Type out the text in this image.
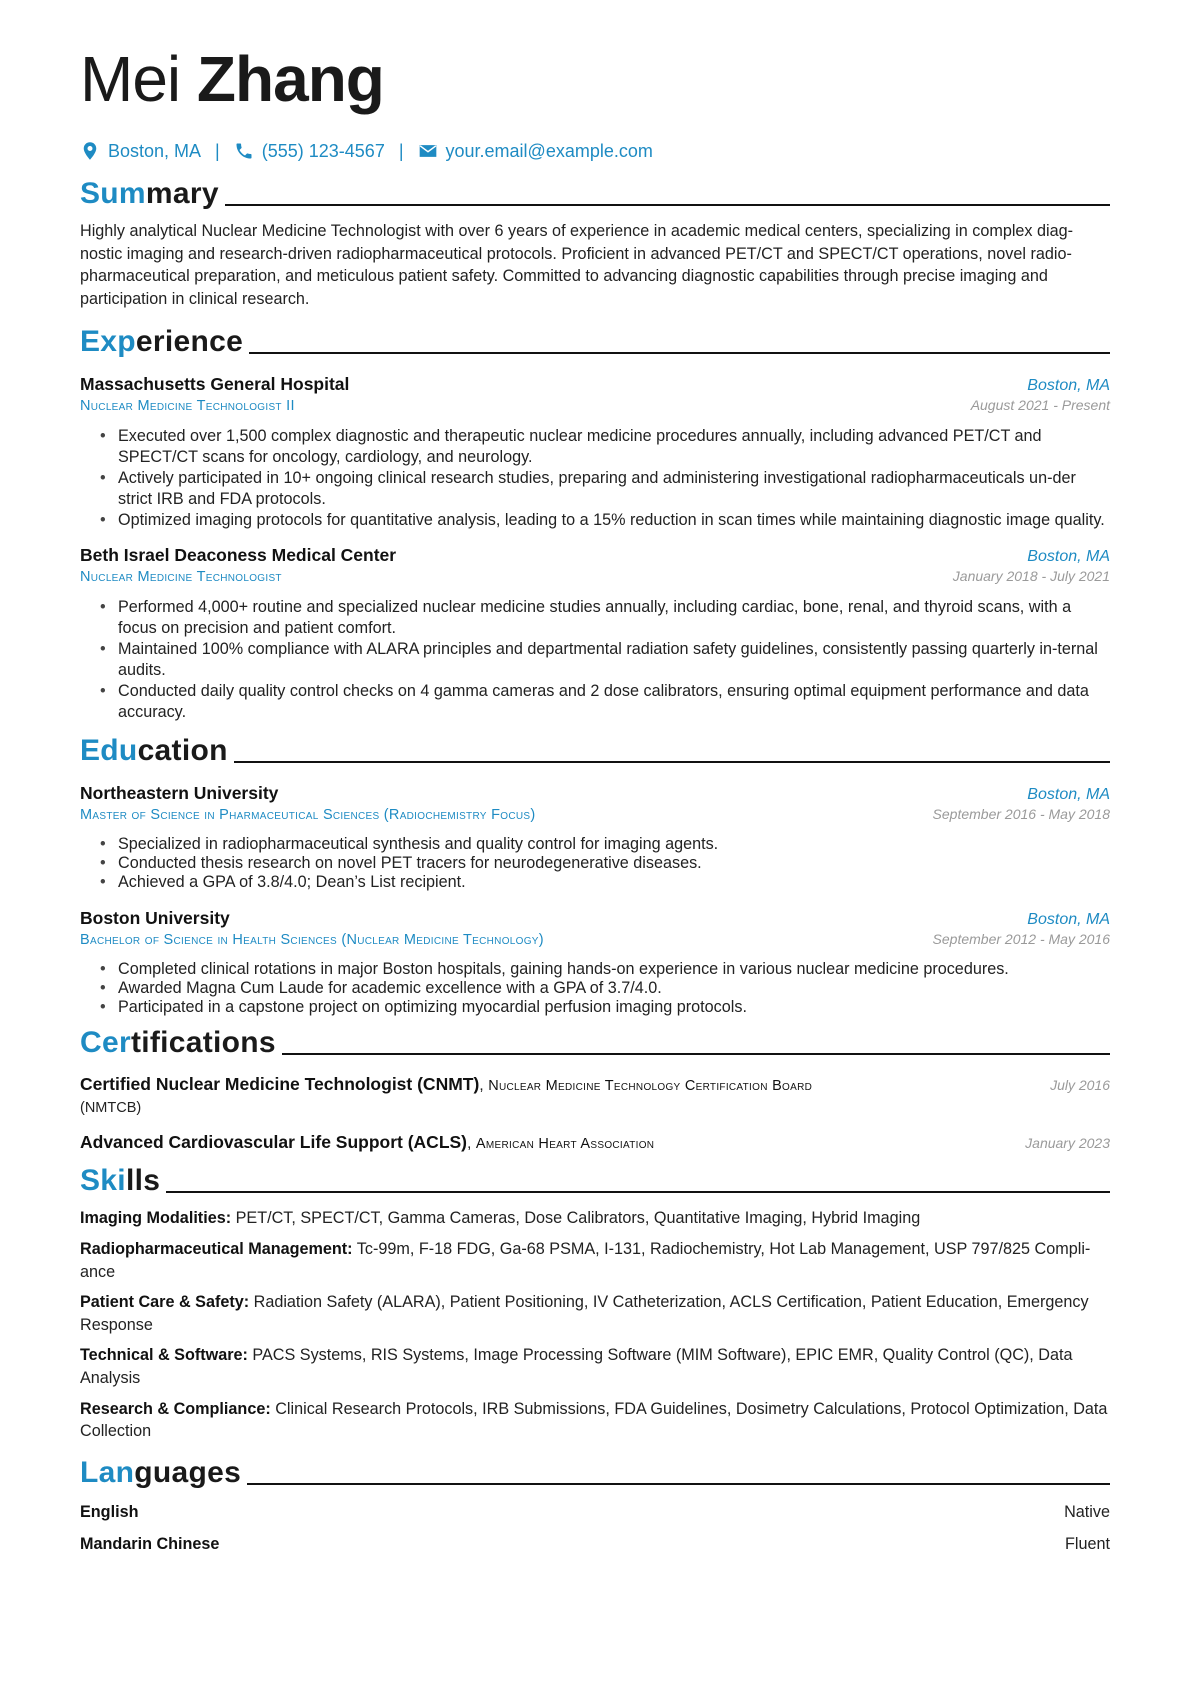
Mei Zhang
Boston, MA | (555) 123-4567 | your.email@example.com
Summary

Highly analytical Nuclear Medicine Technologist with over 6 years of experience in academic medical centers, specializing in complex diag-nostic imaging and research-driven radiopharmaceutical protocols. Proficient in advanced PET/CT and SPECT/CT operations, novel radio-pharmaceutical preparation, and meticulous patient safety. Committed to advancing diagnostic capabilities through precise imaging and participation in clinical research.

Experience
Massachusetts General Hospital	Boston, MA
Nuclear Medicine Technologist II	August 2021 - Present
• Executed over 1,500 complex diagnostic and therapeutic nuclear medicine procedures annually, including advanced PET/CT and SPECT/CT scans for oncology, cardiology, and neurology.
• Actively participated in 10+ ongoing clinical research studies, preparing and administering investigational radiopharmaceuticals un-der strict IRB and FDA protocols.
• Optimized imaging protocols for quantitative analysis, leading to a 15% reduction in scan times while maintaining diagnostic image quality.
Beth Israel Deaconess Medical Center	Boston, MA
Nuclear Medicine Technologist	January 2018 - July 2021
• Performed 4,000+ routine and specialized nuclear medicine studies annually, including cardiac, bone, renal, and thyroid scans, with a focus on precision and patient comfort.
• Maintained 100% compliance with ALARA principles and departmental radiation safety guidelines, consistently passing quarterly in-ternal audits.
• Conducted daily quality control checks on 4 gamma cameras and 2 dose calibrators, ensuring optimal equipment performance and data accuracy.
Education
Northeastern University	Boston, MA
Master of Science in Pharmaceutical Sciences (Radiochemistry Focus)	September 2016 - May 2018
• Specialized in radiopharmaceutical synthesis and quality control for imaging agents.
• Conducted thesis research on novel PET tracers for neurodegenerative diseases.
• Achieved a GPA of 3.8/4.0; Dean’s List recipient.
Boston University	Boston, MA
Bachelor of Science in Health Sciences (Nuclear Medicine Technology)	September 2012 - May 2016
• Completed clinical rotations in major Boston hospitals, gaining hands-on experience in various nuclear medicine procedures.
• Awarded Magna Cum Laude for academic excellence with a GPA of 3.7/4.0.
• Participated in a capstone project on optimizing myocardial perfusion imaging protocols.
Certifications
Certified Nuclear Medicine Technologist (CNMT), Nuclear Medicine Technology Certification Board
(NMTCB)
July 2016
Advanced Cardiovascular Life Support (ACLS), American Heart Association	January 2023
Skills

Imaging Modalities: PET/CT, SPECT/CT, Gamma Cameras, Dose Calibrators, Quantitative Imaging, Hybrid Imaging

Radiopharmaceutical Management: Tc-99m, F-18 FDG, Ga-68 PSMA, I-131, Radiochemistry, Hot Lab Management, USP 797/825 Compli-ance

Patient Care & Safety: Radiation Safety (ALARA), Patient Positioning, IV Catheterization, ACLS Certification, Patient Education, Emergency Response

Technical & Software: PACS Systems, RIS Systems, Image Processing Software (MIM Software), EPIC EMR, Quality Control (QC), Data Analysis

Research & Compliance: Clinical Research Protocols, IRB Submissions, FDA Guidelines, Dosimetry Calculations, Protocol Optimization, Data Collection

Languages
English	Native
Mandarin Chinese	Fluent
